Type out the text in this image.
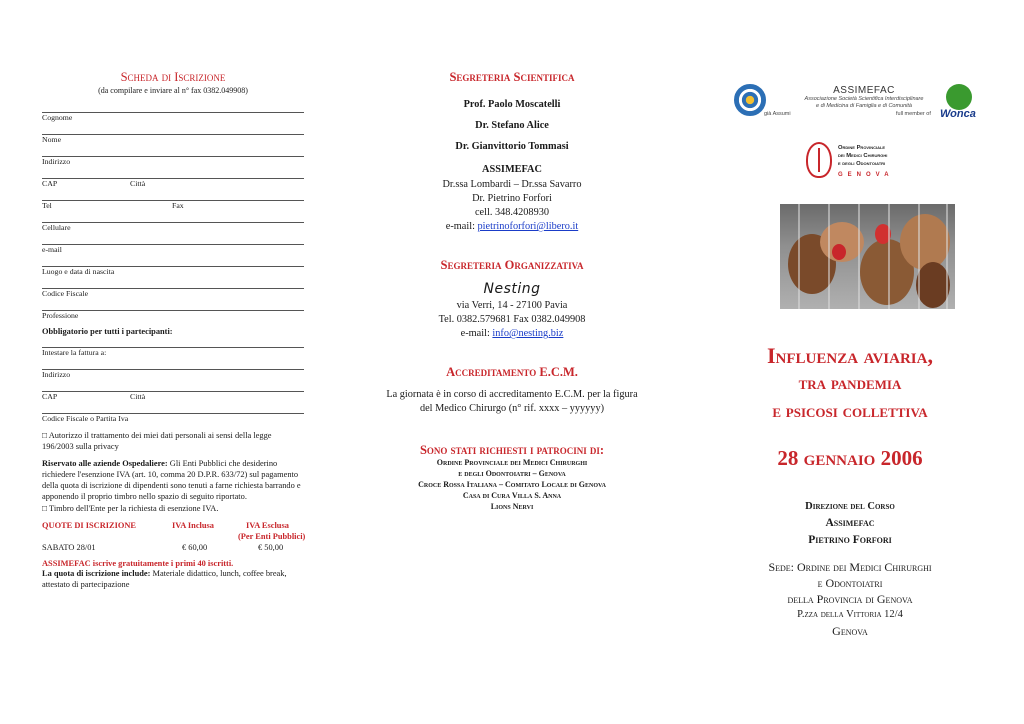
Scheda di Iscrizione
(da compilare e inviare al n° fax 0382.049908)
Cognome
Nome
Indirizzo
CAP	Città
Tel	Fax
Cellulare
e-mail
Luogo e data di nascita
Codice Fiscale
Professione
Obbligatorio per tutti i partecipanti:
Intestare la fattura a:
Indirizzo
CAP	Città
Codice Fiscale o Partita Iva
□ Autorizzo il trattamento dei miei dati personali ai sensi della legge 196/2003 sulla privacy
Riservato alle aziende Ospedaliere: Gli Enti Pubblici che desiderino richiedere l'esenzione IVA (art. 10, comma 20 D.P.R. 633/72) sul pagamento della quota di iscrizione di dipendenti sono tenuti a farne richiesta barrando e apponendo il proprio timbro nello spazio di seguito riportato.
□ Timbro dell'Ente per la richiesta di esenzione IVA.
QUOTE DI ISCRIZIONE	IVA Inclusa	IVA Esclusa
(Per Enti Pubblici)
SABATO 28/01	€ 60,00	€ 50,00
ASSIMEFAC iscrive gratuitamente i primi 40 iscritti.
La quota di iscrizione include: Materiale didattico, lunch, coffee break, attestato di partecipazione
Segreteria Scientifica
Prof. Paolo Moscatelli
Dr. Stefano Alice
Dr. Gianvittorio Tommasi
ASSIMEFAC
Dr.ssa Lombardi – Dr.ssa Savarro
Dr. Pietrino Forfori
cell. 348.4208930
e-mail: pietrinoforfori@libero.it
Segreteria Organizzativa
Nesting
via Verri, 14 - 27100 Pavia
Tel. 0382.579681 Fax 0382.049908
e-mail: info@nesting.biz
Accreditamento E.C.M.
La giornata è in corso di accreditamento E.C.M. per la figura del Medico Chirurgo (n° rif. xxxx – yyyyyy)
Sono stati richiesti i patrocini di:
Ordine Provinciale dei Medici Chirurghi
e degli Odontoiatri – Genova
Croce Rossa Italiana – Comitato Locale di Genova
Casa di Cura Villa S. Anna
Lions Nervi
ASSIMEFAC
Associazione Società Scientifica Interdisciplinare
e di Medicina di Famiglia e di Comunità
già Assumi	full member of Wonca
Ordine Provinciale
dei Medici Chirurghi
e degli Odontoiatri
GENOVA
Influenza aviaria,
tra pandemia
e psicosi collettiva
28 gennaio 2006
Direzione del Corso
Assimefac
Pietrino Forfori
Sede: Ordine dei Medici Chirurghi
e Odontoiatri
della Provincia di Genova
P.zza della Vittoria 12/4
Genova
